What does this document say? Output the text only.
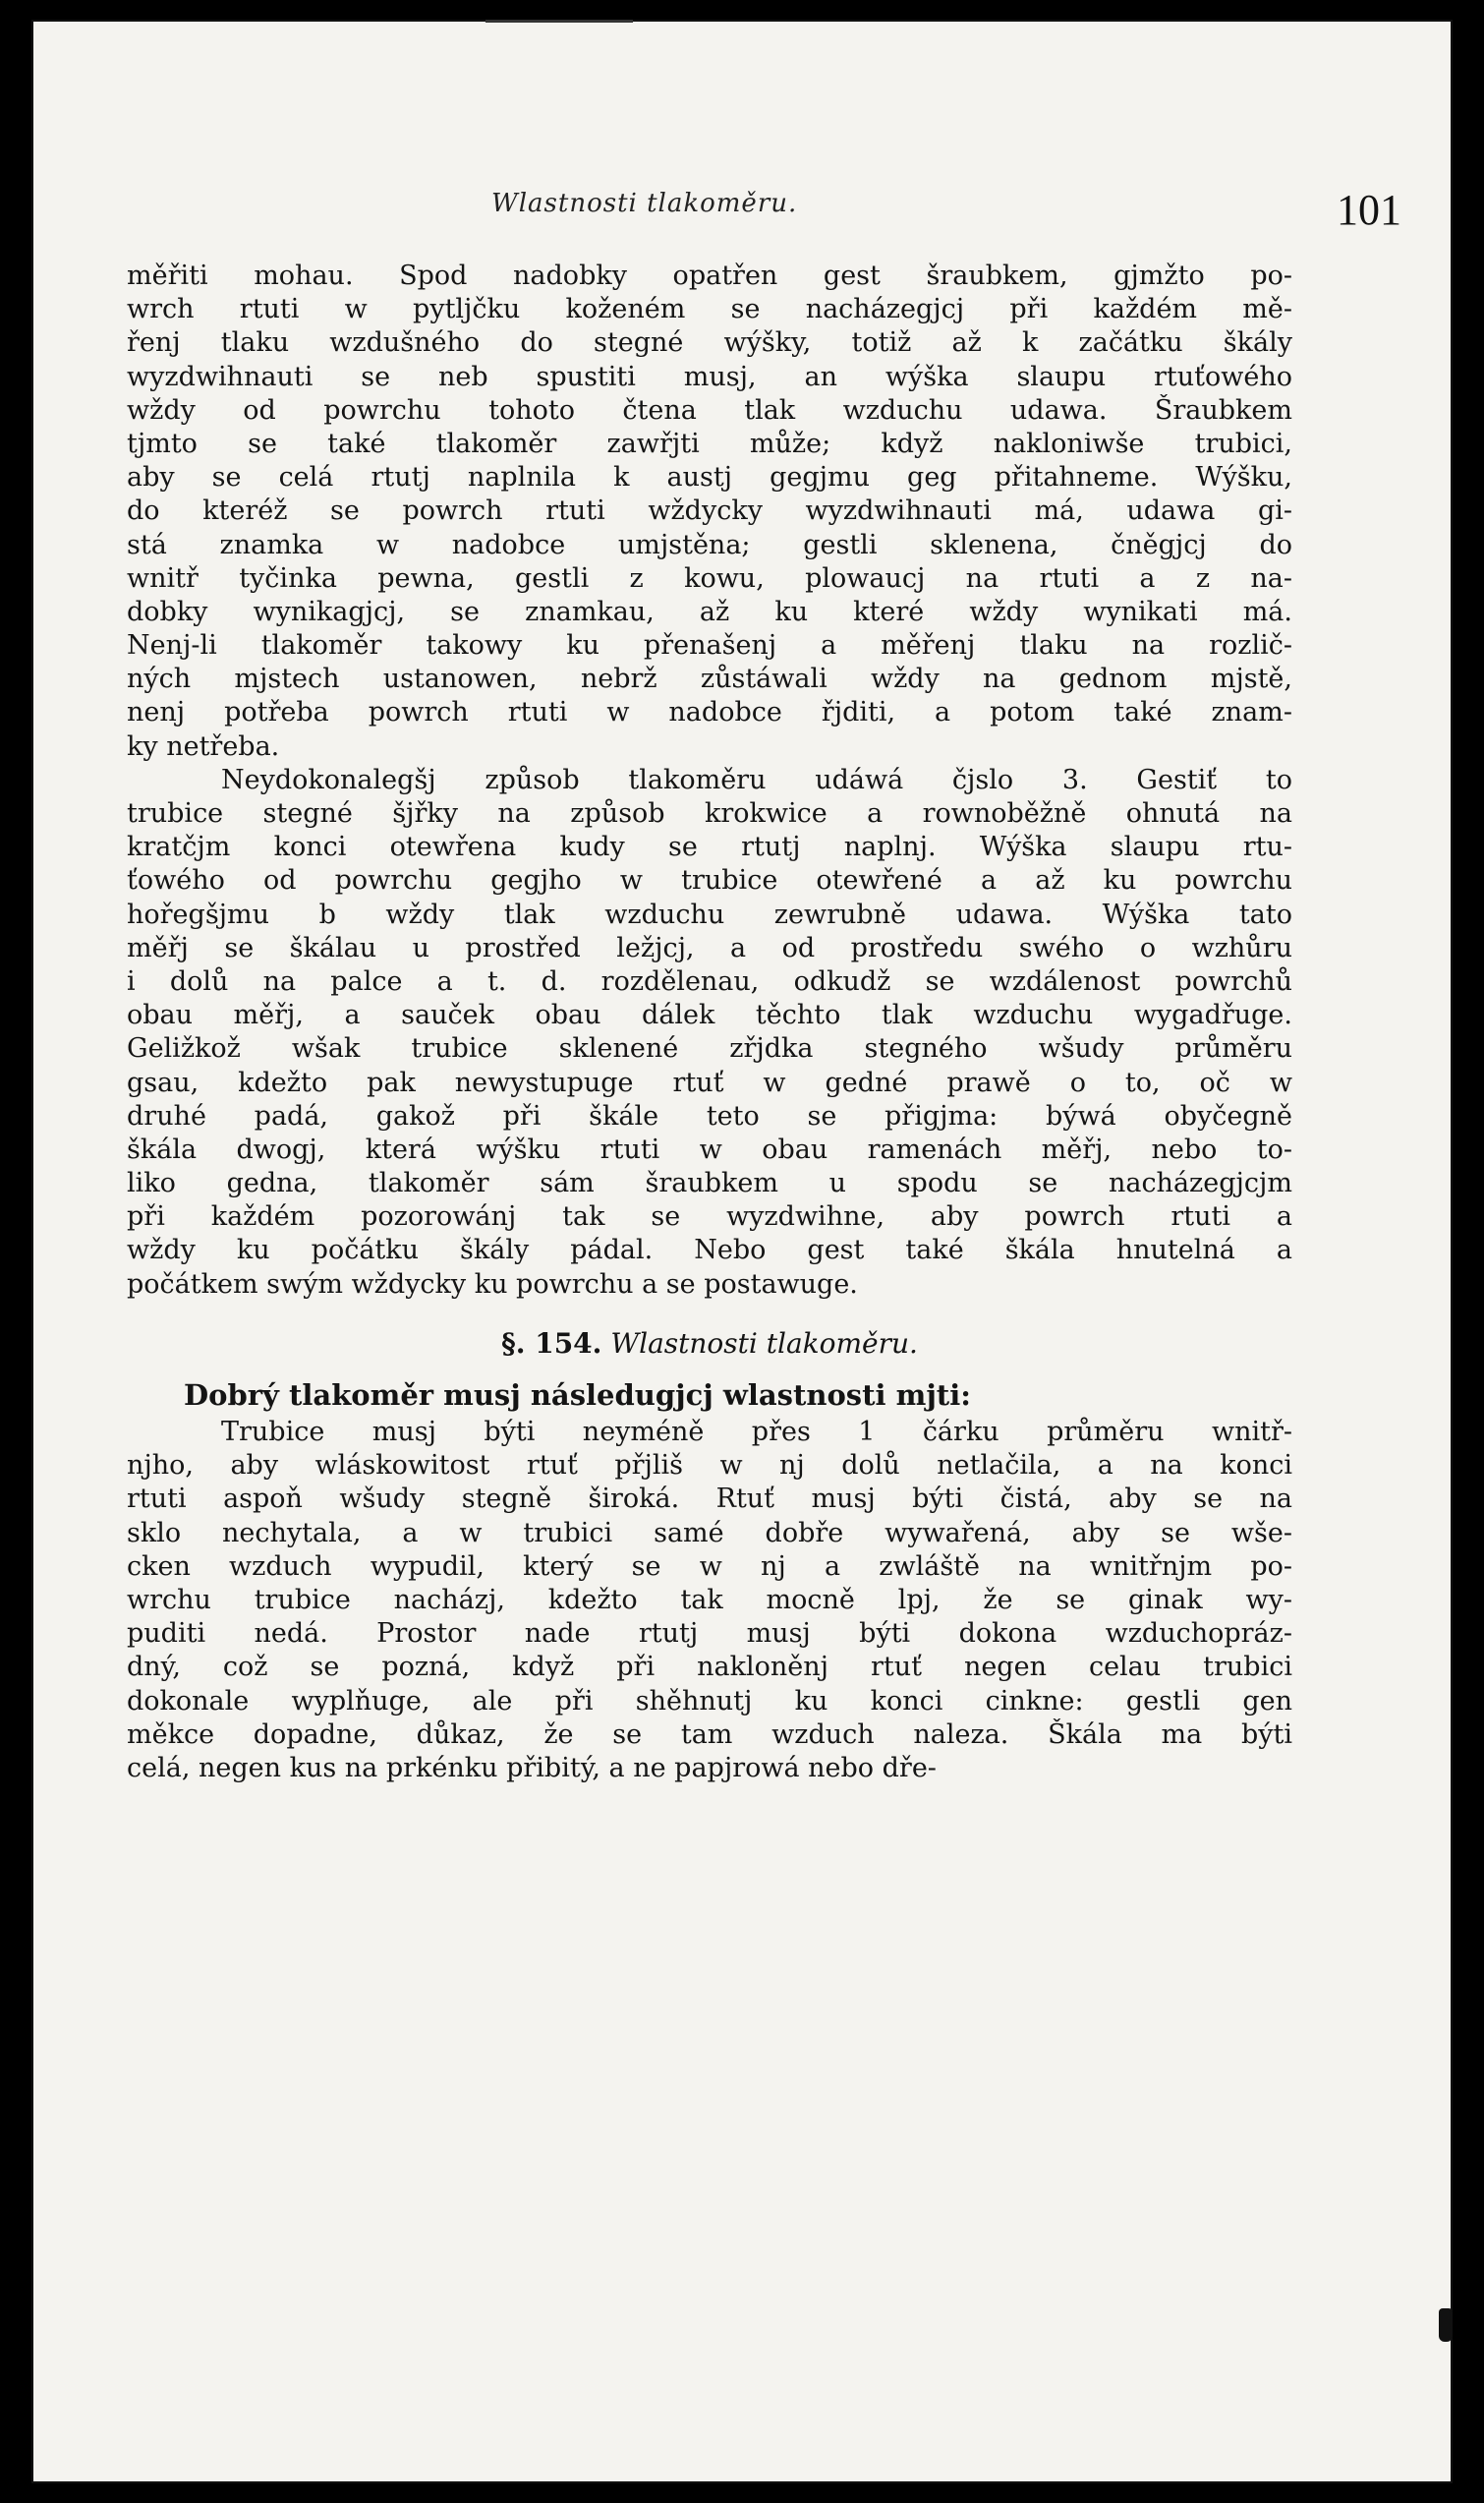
Wlastnosti tlakoměru.	101
měřiti mohau. Spod nadobky opatřen gest šraubkem, gjmžto po-
wrch rtuti w pytljčku koženém se nacházegjcj při každém mě-
řenj tlaku wzdušného do stegné wýšky, totiž až k začátku škály
wyzdwihnauti se neb spustiti musj, an wýška slaupu rtuťowého
wždy od powrchu tohoto čtena tlak wzduchu udawa. Šraubkem
tjmto se také tlakoměr zawřjti může; když nakloniwše trubici,
aby se celá rtutj naplnila k austj gegjmu geg přitahneme. Wýšku,
do kteréž se powrch rtuti wždycky wyzdwihnauti má, udawa gi-
stá znamka w nadobce umjstěna; gestli sklenena, čněgjcj do
wnitř tyčinka pewna, gestli z kowu, plowaucj na rtuti a z na-
dobky wynikagjcj, se znamkau, až ku které wždy wynikati má.
Nenj-li tlakoměr takowy ku přenašenj a měřenj tlaku na rozlič-
ných mjstech ustanowen, nebrž zůstáwali wždy na gednom mjstě,
nenj potřeba powrch rtuti w nadobce řjditi, a potom také znam-
ky netřeba.
Neydokonalegšj způsob tlakoměru udáwá čjslo 3. Gestiť to
trubice stegné šjřky na způsob krokwice a rownoběžně ohnutá na
kratčjm konci otewřena kudy se rtutj naplnj. Wýška slaupu rtu-
ťowého od powrchu gegjho w trubice otewřené a až ku powrchu
hořegšjmu b wždy tlak wzduchu zewrubně udawa. Wýška tato
měřj se škálau u prostřed ležjcj, a od prostředu swého o wzhůru
i dolů na palce a t. d. rozdělenau, odkudž se wzdálenost powrchů
obau měřj, a sauček obau dálek těchto tlak wzduchu wygadřuge.
Geližkož wšak trubice sklenené zřjdka stegného wšudy průměru
gsau, kdežto pak newystupuge rtuť w gedné prawě o to, oč w
druhé padá, gakož při škále teto se přigjma: býwá obyčegně
škála dwogj, která wýšku rtuti w obau ramenách měřj, nebo to-
liko gedna, tlakoměr sám šraubkem u spodu se nacházegjcjm
při každém pozorowánj tak se wyzdwihne, aby powrch rtuti a
wždy ku počátku škály pádal. Nebo gest také škála hnutelná a
počátkem swým wždycky ku powrchu a se postawuge.
§. 154. Wlastnosti tlakoměru.
Dobrý tlakoměr musj následugjcj wlastnosti mjti:
Trubice musj býti neyméně přes 1 čárku průměru wnitř-
njho, aby wláskowitost rtuť přjliš w nj dolů netlačila, a na konci
rtuti aspoň wšudy stegně široká. Rtuť musj býti čistá, aby se na
sklo nechytala, a w trubici samé dobře wywařená, aby se wše-
cken wzduch wypudil, který se w nj a zwláště na wnitřnjm po-
wrchu trubice nacházj, kdežto tak mocně lpj, že se ginak wy-
puditi nedá. Prostor nade rtutj musj býti dokona wzduchopráz-
dný, což se pozná, když při nakloněnj rtuť negen celau trubici
dokonale wyplňuge, ale při shěhnutj ku konci cinkne: gestli gen
měkce dopadne, důkaz, že se tam wzduch naleza. Škála ma býti
celá, negen kus na prkénku přibitý, a ne papjrowá nebo dře-
